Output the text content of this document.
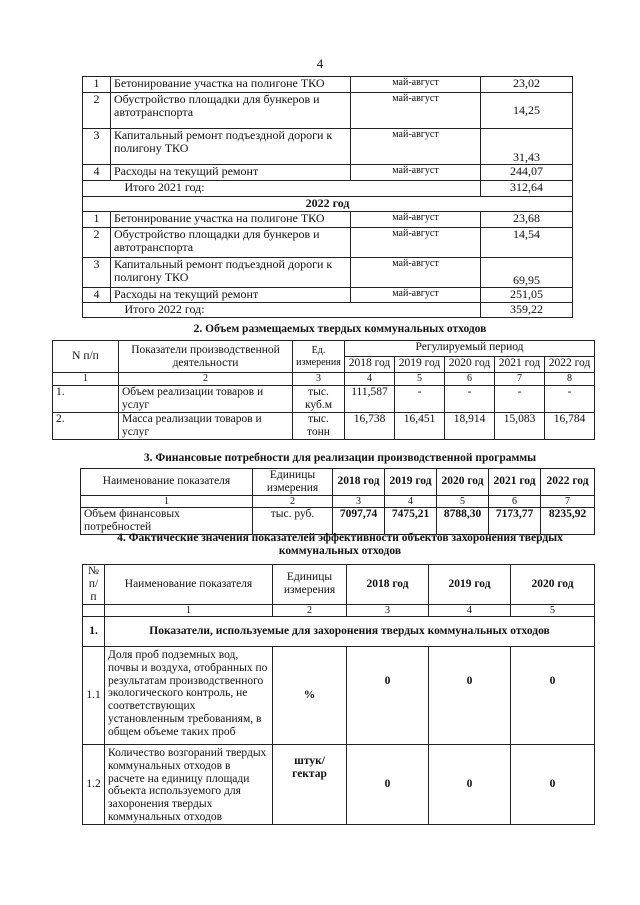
4
1	Бетонирование участка на полигоне ТКО	май-август	23,02
2	Обустройство площадки для бункеров и автотранспорта	май-август	14,25
3	Капитальный ремонт подъездной дороги к полигону ТКО	май-август	31,43
4	Расходы на текущий ремонт	май-август	244,07
	Итого 2021 год:		312,64
2022 год			
1	Бетонирование участка на полигоне ТКО	май-август	23,68
2	Обустройство площадки для бункеров и автотранспорта	май-август	14,54
3	Капитальный ремонт подъездной дороги к полигону ТКО	май-август	69,95
4	Расходы на текущий ремонт	май-август	251,05
	Итого 2022 год:		359,22
2. Объем размещаемых твердых коммунальных отходов
N п/п	Показатели производственной деятельности	Ед. измерения	Регулируемый период				
			2018 год	2019 год	2020 год	2021 год	2022 год
1	2	3	4	5	6	7	8
1.	Объем реализации товаров и услуг	тыс. куб.м	111,587	-	-	-	-
2.	Масса реализации товаров и услуг	тыс. тонн	16,738	16,451	18,914	15,083	16,784
3. Финансовые потребности для реализации производственной программы
Наименование показателя	Единицы измерения	2018 год	2019 год	2020 год	2021 год	2022 год
1	2	3	4	5	6	7
Объем финансовых потребностей	тыс. руб.	7097,74	7475,21	8788,30	7173,77	8235,92
4. Фактические значения показателей эффективности объектов захоронения твердых
коммунальных отходов
№ п/п	Наименование показателя	Единицы измерения	2018 год	2019 год	2020 год
	1	2	3	4	5
1.	Показатели, используемые для захоронения твердых коммунальных отходов				
1.1	Доля проб подземных вод, почвы и воздуха, отобранных по результатам производственного экологического контроль, не соответствующих установленным требованиям, в общем объеме таких проб	%	0	0	0
1.2	Количество возгораний твердых коммунальных отходов в расчете на единицу площади объекта используемого для захоронения твердых коммунальных отходов	штук/ гектар	0	0	0
